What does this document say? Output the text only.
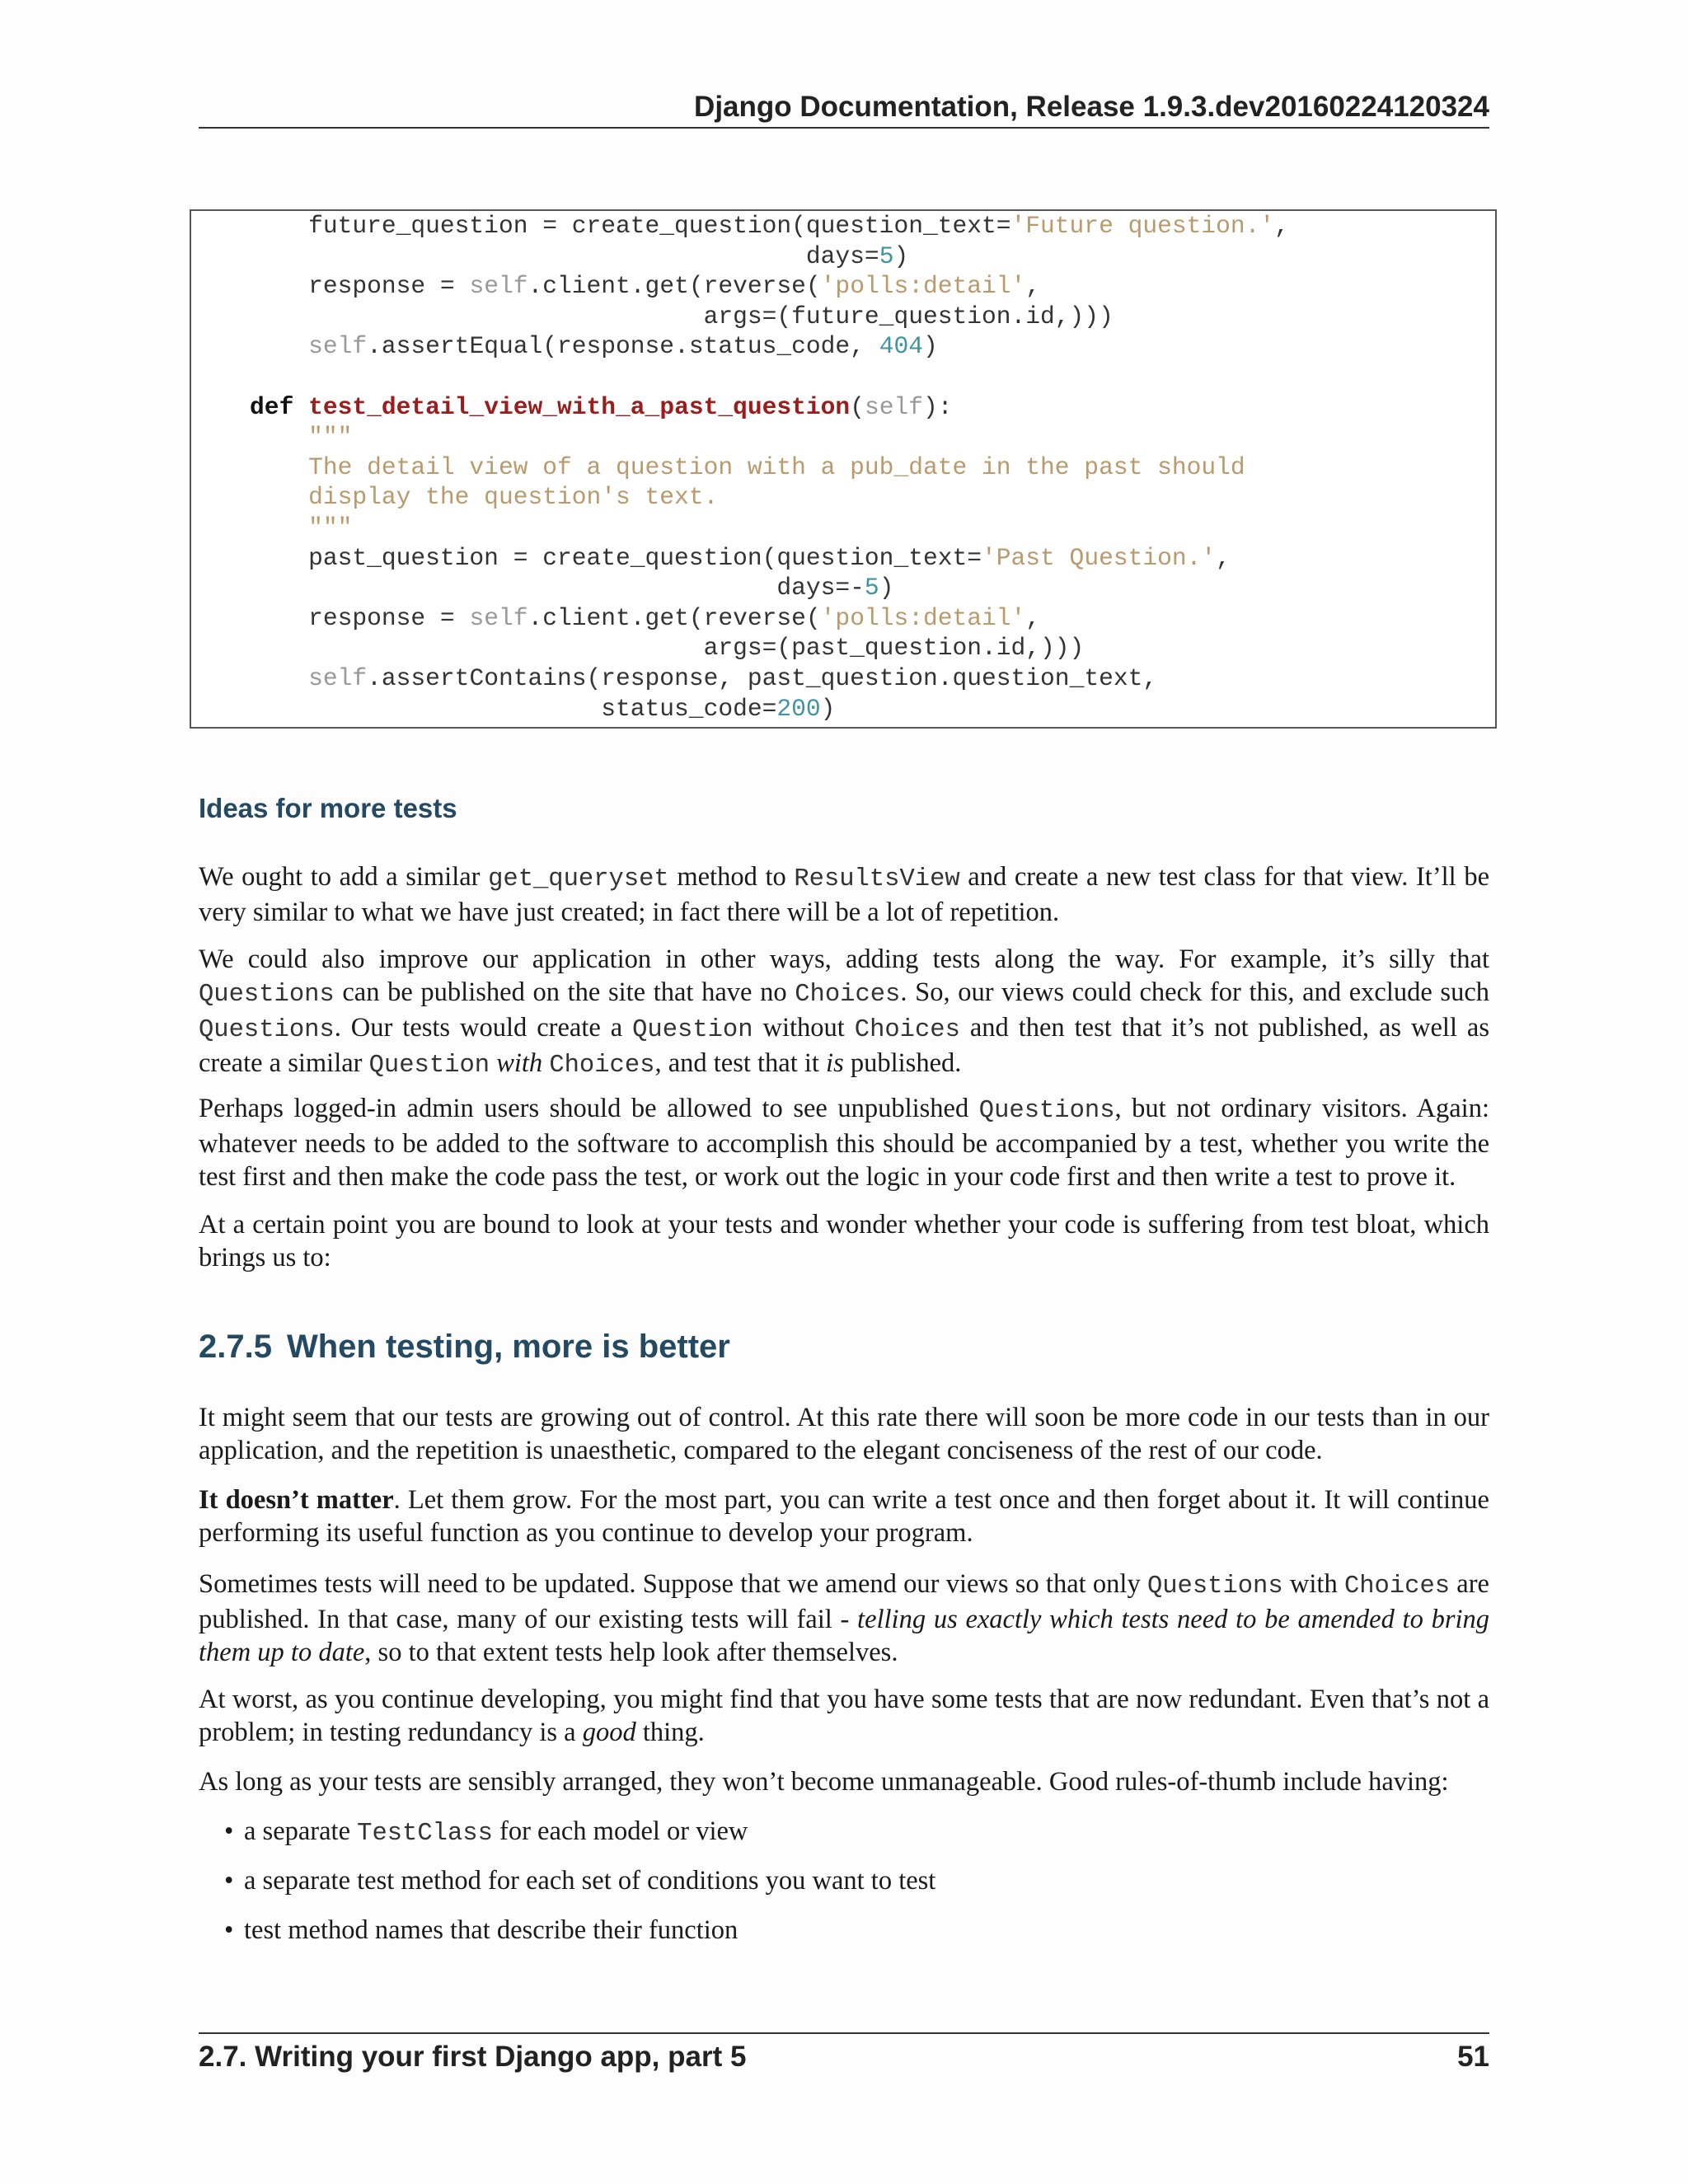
Django Documentation, Release 1.9.3.dev20160224120324
future_question = create_question(question_text='Future question.',
days=5)
response = self.client.get(reverse('polls:detail',
args=(future_question.id,)))
self.assertEqual(response.status_code, 404)
def test_detail_view_with_a_past_question(self):
"""
The detail view of a question with a pub_date in the past should
display the question's text.
"""
past_question = create_question(question_text='Past Question.',
days=-5)
response = self.client.get(reverse('polls:detail',
args=(past_question.id,)))
self.assertContains(response, past_question.question_text,
status_code=200)
Ideas for more tests
We ought to add a similar get_queryset method to ResultsView and create a new test class for that view. It’ll be very similar to what we have just created; in fact there will be a lot of repetition.
We could also improve our application in other ways, adding tests along the way. For example, it’s silly that Questions can be published on the site that have no Choices. So, our views could check for this, and exclude such Questions. Our tests would create a Question without Choices and then test that it’s not published, as well as create a similar Question with Choices, and test that it is published.
Perhaps logged-in admin users should be allowed to see unpublished Questions, but not ordinary visitors. Again: whatever needs to be added to the software to accomplish this should be accompanied by a test, whether you write the test first and then make the code pass the test, or work out the logic in your code first and then write a test to prove it.
At a certain point you are bound to look at your tests and wonder whether your code is suffering from test bloat, which brings us to:
2.7.5 When testing, more is better
It might seem that our tests are growing out of control. At this rate there will soon be more code in our tests than in our application, and the repetition is unaesthetic, compared to the elegant conciseness of the rest of our code.
It doesn’t matter. Let them grow. For the most part, you can write a test once and then forget about it. It will continue performing its useful function as you continue to develop your program.
Sometimes tests will need to be updated. Suppose that we amend our views so that only Questions with Choices are published. In that case, many of our existing tests will fail - telling us exactly which tests need to be amended to bring them up to date, so to that extent tests help look after themselves.
At worst, as you continue developing, you might find that you have some tests that are now redundant. Even that’s not a problem; in testing redundancy is a good thing.
As long as your tests are sensibly arranged, they won’t become unmanageable. Good rules-of-thumb include having:
• a separate TestClass for each model or view
• a separate test method for each set of conditions you want to test
• test method names that describe their function
2.7. Writing your first Django app, part 5	51
